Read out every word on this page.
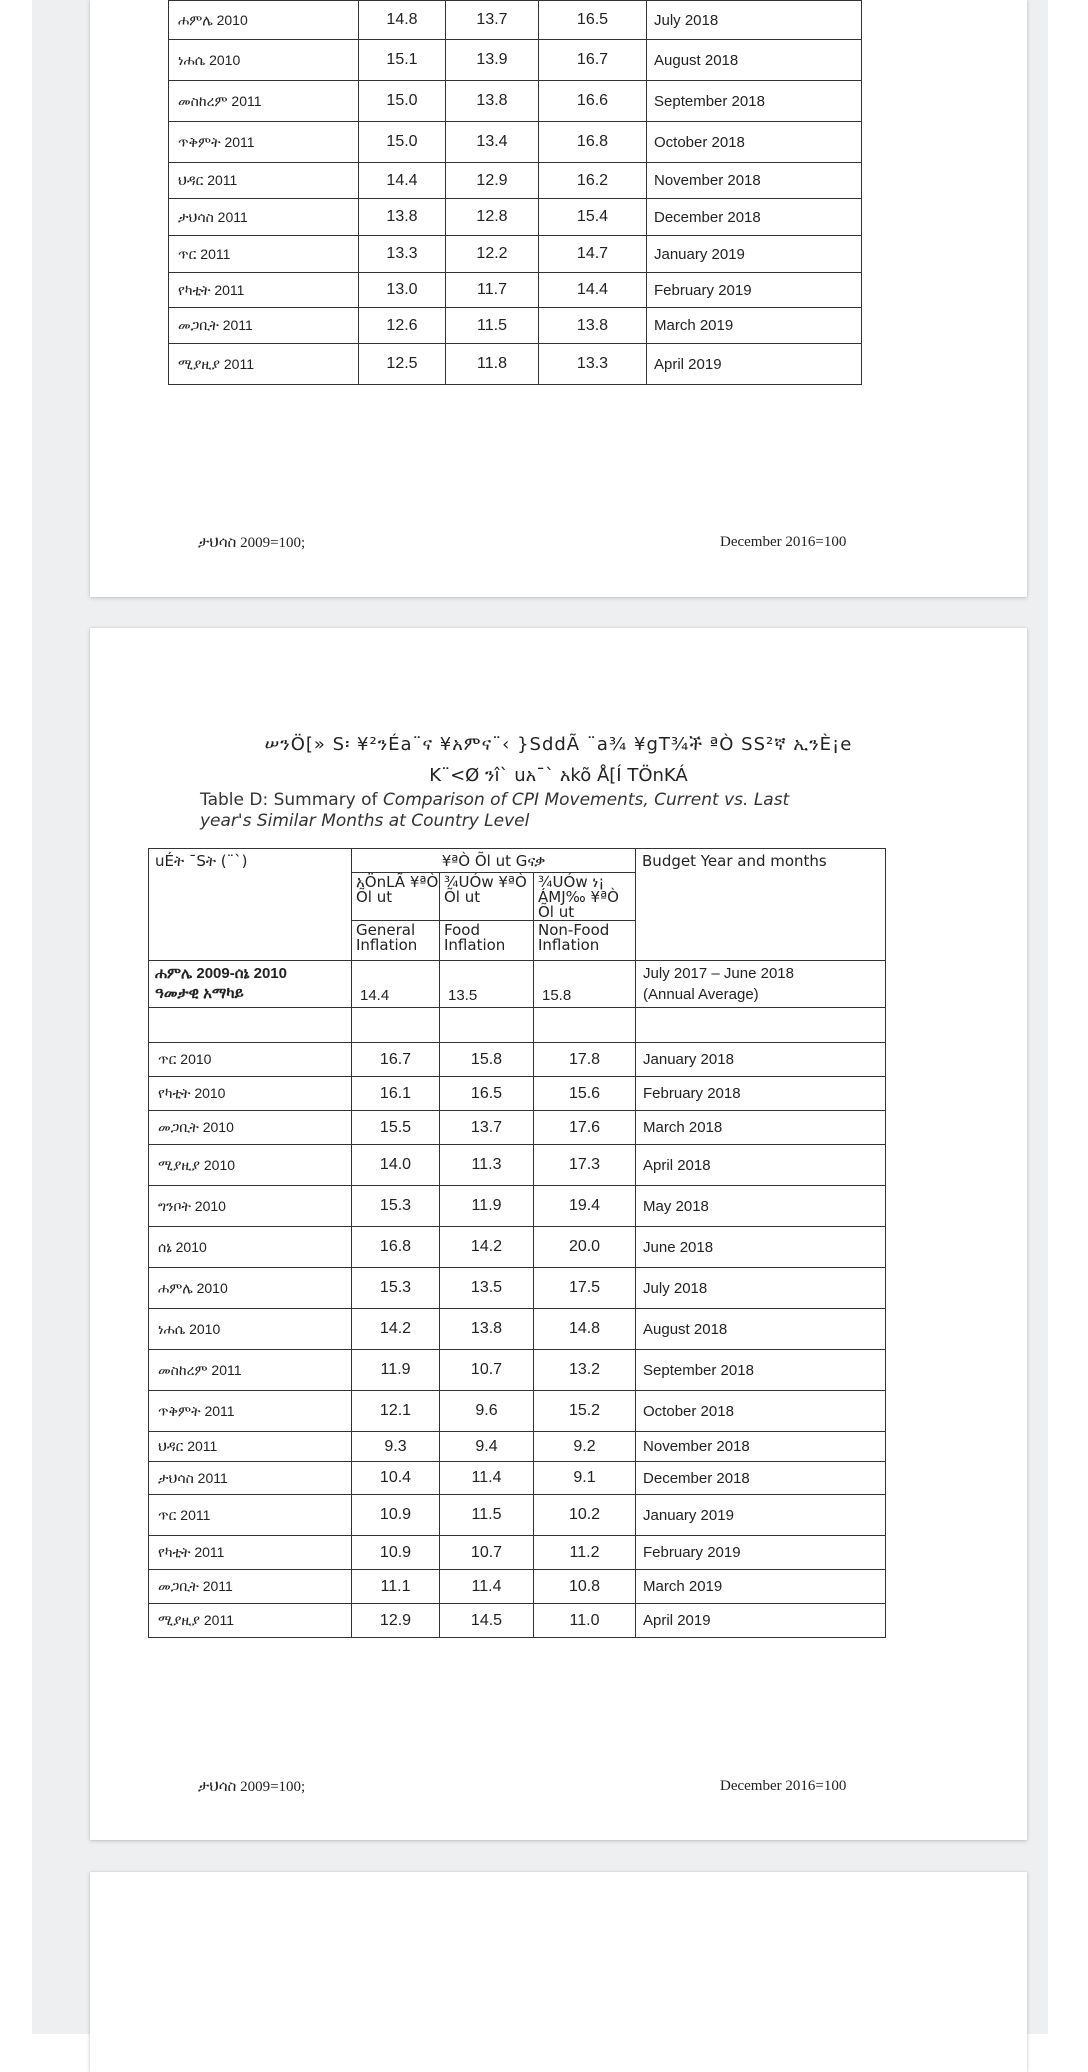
ሐምሌ 2010	14.8	13.7	16.5	July 2018
ነሐሴ 2010	15.1	13.9	16.7	August 2018
መስከረም 2011	15.0	13.8	16.6	September 2018
ጥቅምት 2011	15.0	13.4	16.8	October 2018
ህዳር 2011	14.4	12.9	16.2	November 2018
ታህሳስ 2011	13.8	12.8	15.4	December 2018
ጥር 2011	13.3	12.2	14.7	January 2019
የካቲት 2011	13.0	11.7	14.4	February 2019
መጋቢት 2011	12.6	11.5	13.8	March 2019
ሚያዚያ 2011	12.5	11.8	13.3	April 2019
ታህሳስ 2009=100;	December 2016=100
ሠንÖ[» S፡ ¥²ንÉa¨ና ¥አምና¨‹ }SddÃ ¨a¾ ¥gT¾ች ªÒ SS²ኛ ኢንÈ¡e
K¨<Ø ንî` uአ¯` አkõ Å[Í TÖnKÁ
Table D: Summary of Comparison of CPI Movements, Current vs. Last
year's Similar Months at Country Level
uÉት ¯Sት (¨`)	¥ªÒ Õl ut Gናቃ			Budget Year and months
	አÖnLÃ ¥ªÒ Õl ut	¾UÓw ¥ªÒ Õl ut	¾UÓw ነ¡ ÁMJ‰ ¥ªÒ Õl ut	
	General Inflation	Food Inflation	Non-Food Inflation	
ሐምሌ 2009-ሰኔ 2010
ዓመታዊ አማካይ	14.4	13.5	15.8	July 2017 – June 2018
(Annual Average)

ጥር 2010	16.7	15.8	17.8	January 2018
የካቲት 2010	16.1	16.5	15.6	February 2018
መጋቢት 2010	15.5	13.7	17.6	March 2018
ሚያዚያ 2010	14.0	11.3	17.3	April 2018
ግንቦት 2010	15.3	11.9	19.4	May 2018
ሰኔ 2010	16.8	14.2	20.0	June 2018
ሐምሌ 2010	15.3	13.5	17.5	July 2018
ነሐሴ 2010	14.2	13.8	14.8	August 2018
መስከረም 2011	11.9	10.7	13.2	September 2018
ጥቅምት 2011	12.1	9.6	15.2	October 2018
ህዳር 2011	9.3	9.4	9.2	November 2018
ታህሳስ 2011	10.4	11.4	9.1	December 2018
ጥር 2011	10.9	11.5	10.2	January 2019
የካቲት 2011	10.9	10.7	11.2	February 2019
መጋቢት 2011	11.1	11.4	10.8	March 2019
ሚያዚያ 2011	12.9	14.5	11.0	April 2019
ታህሳስ 2009=100;	December 2016=100
